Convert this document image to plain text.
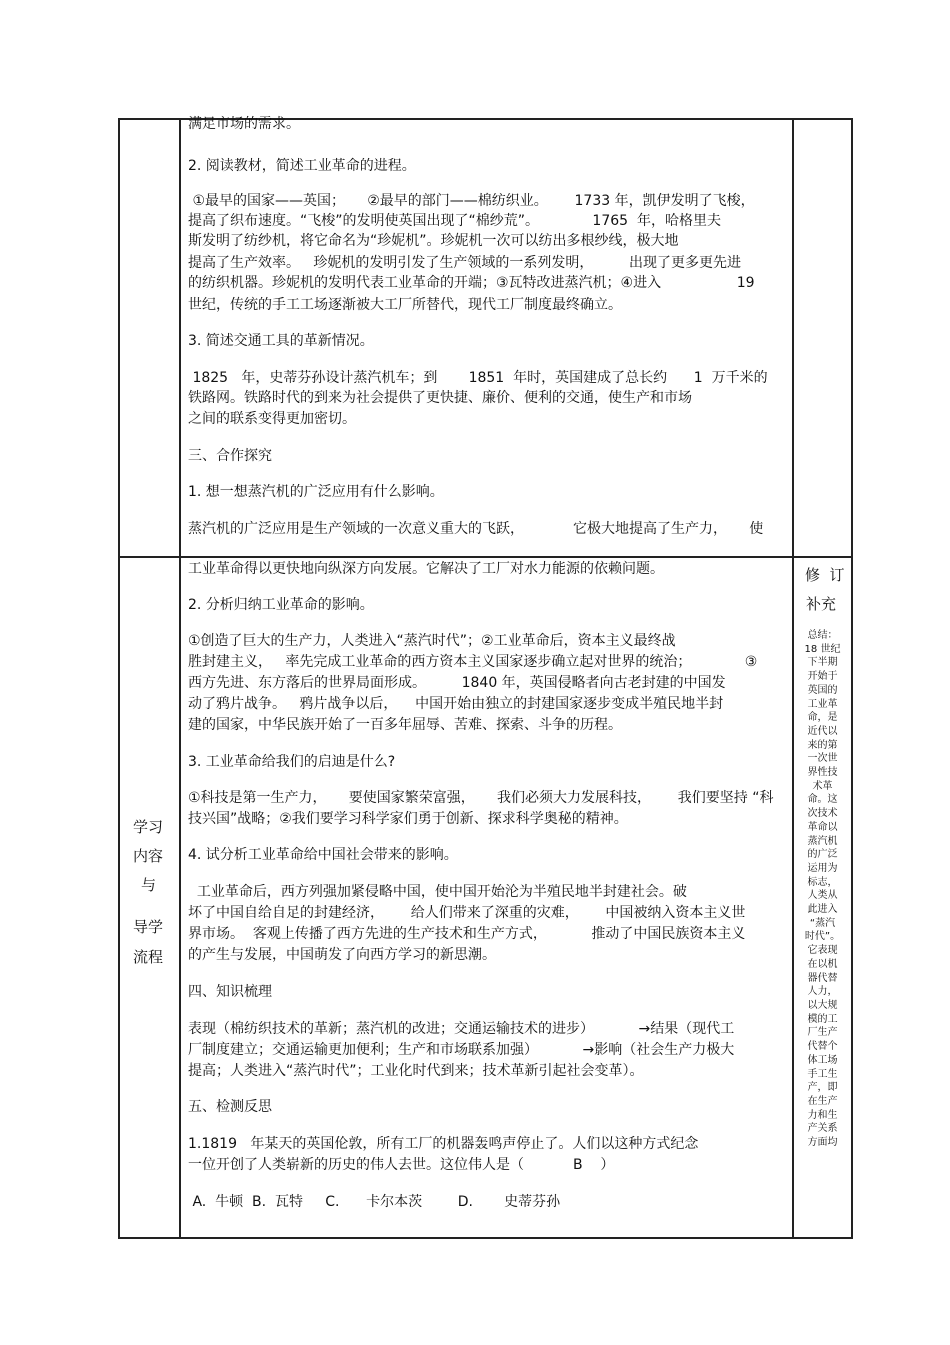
满足市场的需求。
2. 阅读教材，简述工业革命的进程。
①最早的国家——英国；     ②最早的部门——棉纺织业。      1733 年，凯伊发明了飞梭，
提高了织布速度。“飞梭”的发明使英国出现了“棉纱荒”。            1765  年，哈格里夫
斯发明了纺纱机，将它命名为“珍妮机”。珍妮机一次可以纺出多根纱线，极大地
提高了生产效率。   珍妮机的发明引发了生产领域的一系列发明，        出现了更多更先进
的纺织机器。珍妮机的发明代表工业革命的开端；③瓦特改进蒸汽机；④进入                 19
世纪，传统的手工工场逐渐被大工厂所替代，现代工厂制度最终确立。
3. 简述交通工具的革新情况。
1825   年，史蒂芬孙设计蒸汽机车；到       1851  年时，英国建成了总长约      1  万千米的
铁路网。铁路时代的到来为社会提供了更快捷、廉价、便利的交通，使生产和市场
之间的联系变得更加密切。
三、合作探究
1. 想一想蒸汽机的广泛应用有什么影响。
蒸汽机的广泛应用是生产领域的一次意义重大的飞跃，           它极大地提高了生产力，     使
学习
内容
与
导学
流程
工业革命得以更快地向纵深方向发展。它解决了工厂对水力能源的依赖问题。
2. 分析归纳工业革命的影响。
①创造了巨大的生产力，人类进入“蒸汽时代”；②工业革命后，资本主义最终战
胜封建主义，   率先完成工业革命的西方资本主义国家逐步确立起对世界的统治；            ③
西方先进、东方落后的世界局面形成。        1840 年，英国侵略者向古老封建的中国发
动了鸦片战争。   鸦片战争以后，    中国开始由独立的封建国家逐步变成半殖民地半封
建的国家，中华民族开始了一百多年屈辱、苦难、探索、斗争的历程。
3. 工业革命给我们的启迪是什么?
①科技是第一生产力，     要使国家繁荣富强，     我们必须大力发展科技，      我们要坚持 “科
技兴国”战略；②我们要学习科学家们勇于创新、探求科学奥秘的精神。
4. 试分析工业革命给中国社会带来的影响。
工业革命后，西方列强加紧侵略中国，使中国开始沦为半殖民地半封建社会。破
坏了中国自给自足的封建经济，      给人们带来了深重的灾难，      中国被纳入资本主义世
界市场。  客观上传播了西方先进的生产技术和生产方式，          推动了中国民族资本主义
的产生与发展，中国萌发了向西方学习的新思潮。
四、知识梳理
表现（棉纺织技术的革新；蒸汽机的改进；交通运输技术的进步）          →结果（现代工
厂制度建立；交通运输更加便利；生产和市场联系加强）          →影响（社会生产力极大
提高；人类进入“蒸汽时代”；工业化时代到来；技术革新引起社会变革）。
五、检测反思
1.1819   年某天的英国伦敦，所有工厂的机器轰鸣声停止了。人们以这种方式纪念
一位开创了人类崭新的历史的伟人去世。这位伟人是（           B    ）
A.  牛顿  B.  瓦特     C.      卡尔本茨        D.       史蒂芬孙
修  订
补充
总结：
18 世纪
下半期
开始于
英国的
工业革
命，是
近代以
来的第
一次世
界性技
术革
命。这
次技术
革命以
蒸汽机
的广泛
运用为
标志，
人类从
此进入
“蒸汽
时代”。
它表现
在以机
器代替
人力，
以大规
模的工
厂生产
代替个
体工场
手工生
产，即
在生产
力和生
产关系
方面均
